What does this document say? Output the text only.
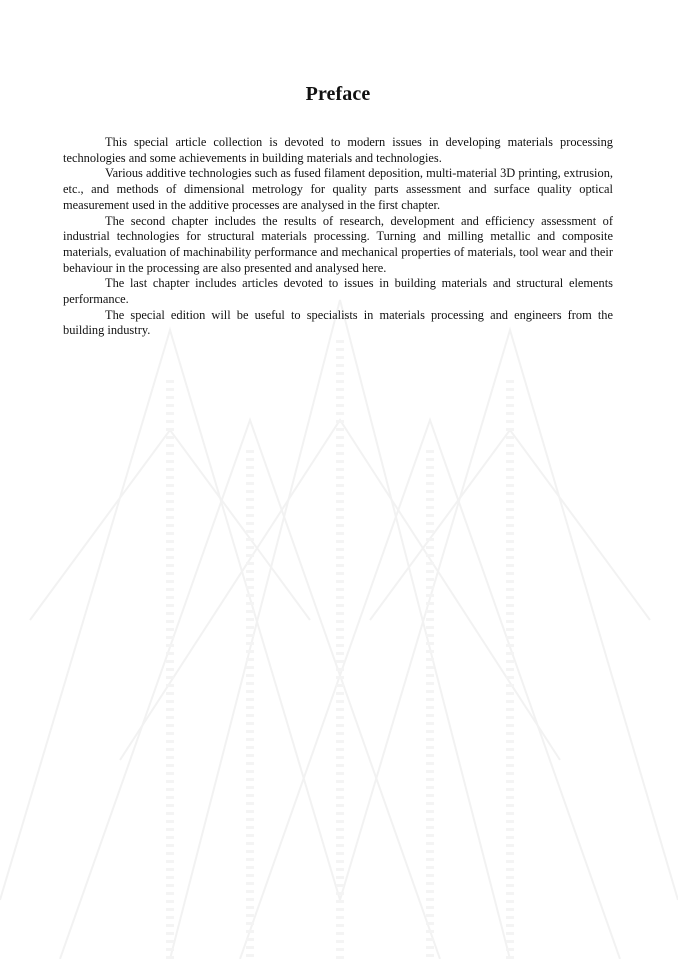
Preface

This special article collection is devoted to modern issues in developing materials processing technologies and some achievements in building materials and technologies.

Various additive technologies such as fused filament deposition, multi-material 3D printing, extrusion, etc., and methods of dimensional metrology for quality parts assessment and surface quality optical measurement used in the additive processes are analysed in the first chapter.

The second chapter includes the results of research, development and efficiency assessment of industrial technologies for structural materials processing. Turning and milling metallic and composite materials, evaluation of machinability performance and mechanical properties of materials, tool wear and their behaviour in the processing are also presented and analysed here.

The last chapter includes articles devoted to issues in building materials and structural elements performance.

The special edition will be useful to specialists in materials processing and engineers from the building industry.
